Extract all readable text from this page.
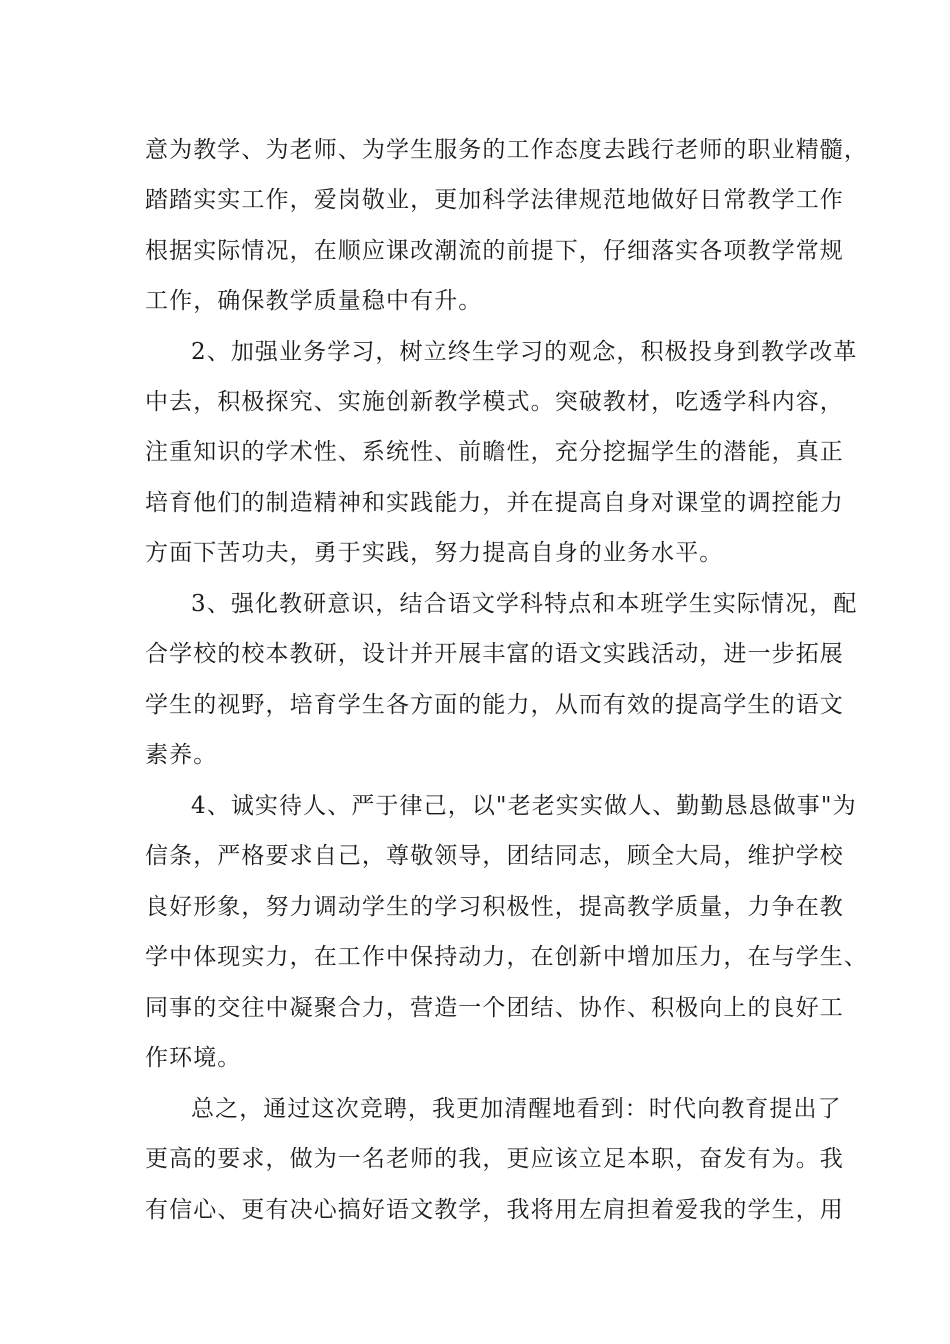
意为教学、为老师、为学生服务的工作态度去践行老师的职业精髓，
踏踏实实工作，爱岗敬业，更加科学法律规范地做好日常教学工作
根据实际情况，在顺应课改潮流的前提下，仔细落实各项教学常规
工作，确保教学质量稳中有升。
2、加强业务学习，树立终生学习的观念，积极投身到教学改革
中去，积极探究、实施创新教学模式。突破教材，吃透学科内容，
注重知识的学术性、系统性、前瞻性，充分挖掘学生的潜能，真正
培育他们的制造精神和实践能力，并在提高自身对课堂的调控能力
方面下苦功夫，勇于实践，努力提高自身的业务水平。
3、强化教研意识，结合语文学科特点和本班学生实际情况，配
合学校的校本教研，设计并开展丰富的语文实践活动，进一步拓展
学生的视野，培育学生各方面的能力，从而有效的提高学生的语文
素养。
4、诚实待人、严于律己，以"老老实实做人、勤勤恳恳做事"为
信条，严格要求自己，尊敬领导，团结同志，顾全大局，维护学校
良好形象，努力调动学生的学习积极性，提高教学质量，力争在教
学中体现实力，在工作中保持动力，在创新中增加压力，在与学生、
同事的交往中凝聚合力，营造一个团结、协作、积极向上的良好工
作环境。
总之，通过这次竞聘，我更加清醒地看到：时代向教育提出了
更高的要求，做为一名老师的我，更应该立足本职，奋发有为。我
有信心、更有决心搞好语文教学，我将用左肩担着爱我的学生，用
